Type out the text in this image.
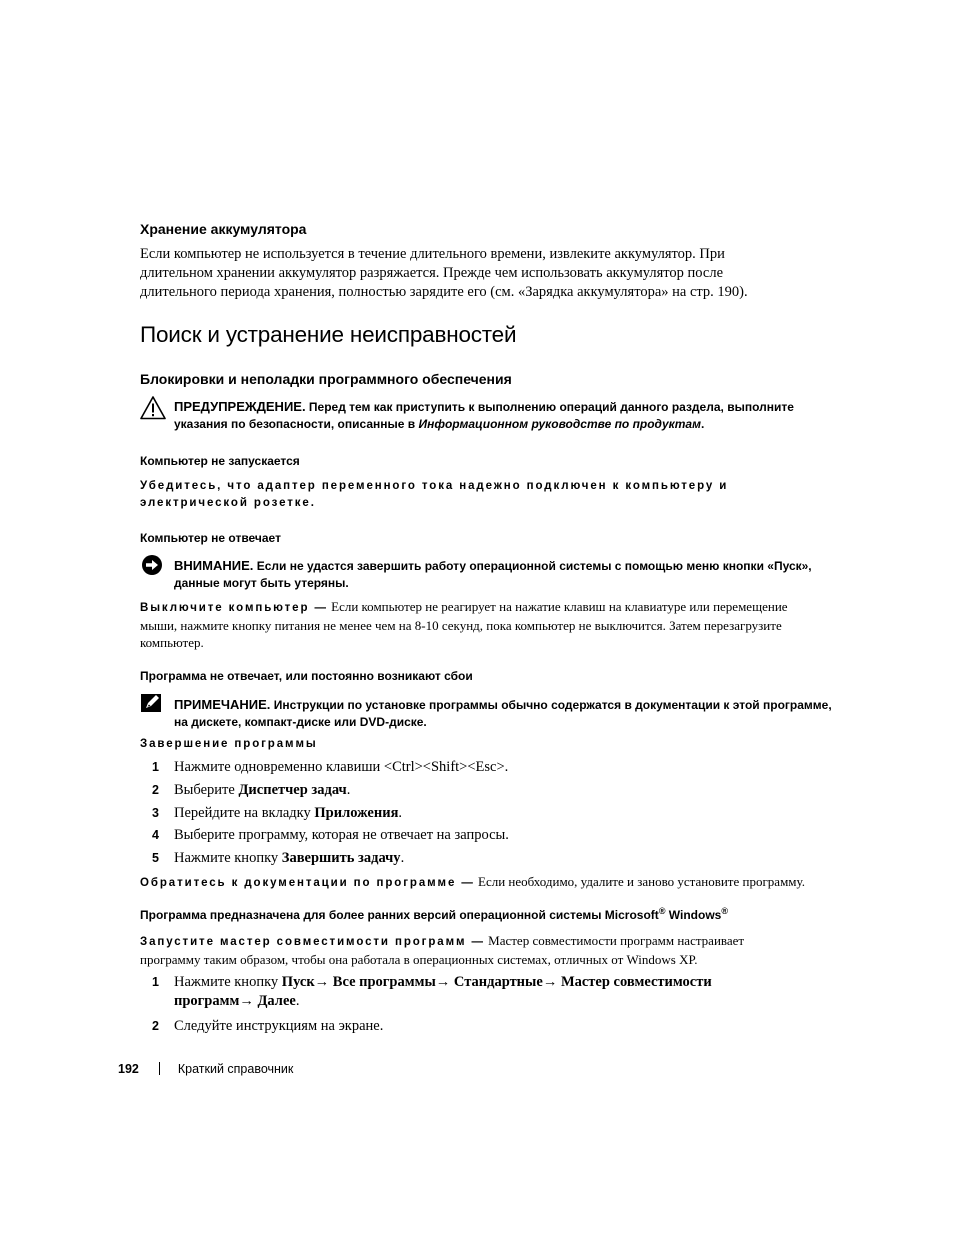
Хранение аккумулятора
Если компьютер не используется в течение длительного времени, извлеките аккумулятор. При длительном хранении аккумулятор разряжается. Прежде чем использовать аккумулятор после длительного периода хранения, полностью зарядите его (см. «Зарядка аккумулятора» на стр. 190).
Поиск и устранение неисправностей
Блокировки и неполадки программного обеспечения
ПРЕДУПРЕЖДЕНИЕ. Перед тем как приступить к выполнению операций данного раздела, выполните указания по безопасности, описанные в Информационном руководстве по продуктам.
Компьютер не запускается
Убедитесь, что адаптер переменного тока надежно подключен к компьютеру и электрической розетке.
Компьютер не отвечает
ВНИМАНИЕ. Если не удастся завершить работу операционной системы с помощью меню кнопки «Пуск», данные могут быть утеряны.
Выключите компьютер — Если компьютер не реагирует на нажатие клавиш на клавиатуре или перемещение мыши, нажмите кнопку питания не менее чем на 8-10 секунд, пока компьютер не выключится. Затем перезагрузите компьютер.
Программа не отвечает, или постоянно возникают сбои
ПРИМЕЧАНИЕ. Инструкции по установке программы обычно содержатся в документации к этой программе, на дискете, компакт-диске или DVD-диске.
Завершение программы
1 Нажмите одновременно клавиши <Ctrl><Shift><Esc>.
2 Выберите Диспетчер задач.
3 Перейдите на вкладку Приложения.
4 Выберите программу, которая не отвечает на запросы.
5 Нажмите кнопку Завершить задачу.
Обратитесь к документации по программе — Если необходимо, удалите и заново установите программу.
Программа предназначена для более ранних версий операционной системы Microsoft® Windows®
Запустите мастер совместимости программ — Мастер совместимости программ настраивает программу таким образом, чтобы она работала в операционных системах, отличных от Windows XP.
1 Нажмите кнопку Пуск→ Все программы→ Стандартные→ Мастер совместимости программ→ Далее.
2 Следуйте инструкциям на экране.
192	Краткий справочник
